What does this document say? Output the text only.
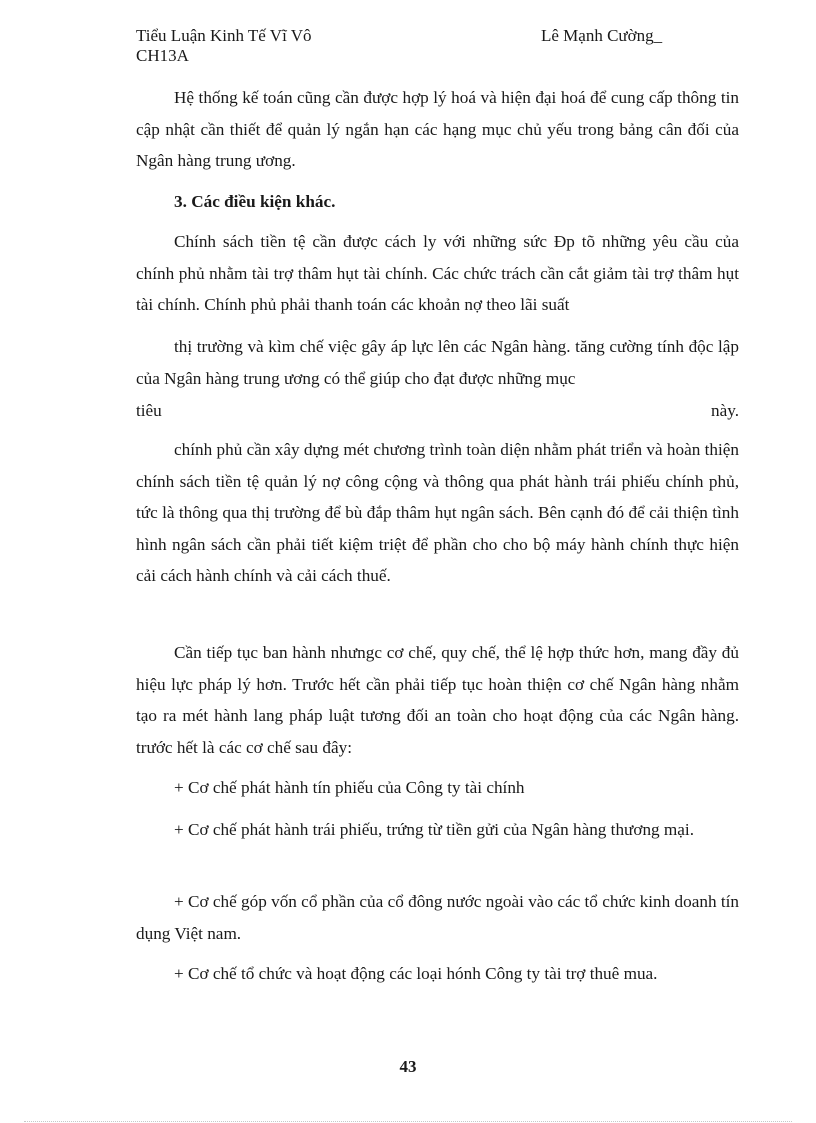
Tiểu Luận Kinh Tế Vĩ Vô
CH13A
Lê Mạnh Cường_

Hệ thống kế toán cũng cần được hợp lý hoá và hiện đại hoá để cung cấp thông tin cập nhật cần thiết để quản lý ngắn hạn các hạng mục chủ yếu trong bảng cân đối của Ngân hàng trung ương.

3. Các điều kiện khác.

Chính sách tiền tệ cần được cách ly với những sức Đp tõ những yêu cầu của chính phủ nhằm tài trợ thâm hụt tài chính. Các chức trách cần cắt giảm tài trợ thâm hụt tài chính. Chính phủ phải thanh toán các khoản nợ theo lãi suất

thị trường và kìm chế việc gây áp lực lên các Ngân hàng. tăng cường tính độc lập của Ngân hàng trung ương có thể giúp cho đạt được những mục

tiêu	này.

chính phủ cần xây dựng mét chương trình toàn diện nhằm phát triển và hoàn thiện chính sách tiền tệ quản lý nợ công cộng và thông qua phát hành trái phiếu chính phủ, tức là thông qua thị trường để bù đắp thâm hụt ngân sách. Bên cạnh đó để cải thiện tình hình ngân sách cần phải tiết kiệm triệt để phần cho cho bộ máy hành chính thực hiện cải cách hành chính và cải cách thuế.

Cần tiếp tục ban hành nhưngc cơ chế, quy chế, thể lệ hợp thức hơn, mang đầy đủ hiệu lực pháp lý hơn. Trước hết cần phải tiếp tục hoàn thiện cơ chế Ngân hàng nhằm tạo ra mét hành lang pháp luật tương đối an toàn cho hoạt động của các Ngân hàng. trước hết là các cơ chế sau đây:

+ Cơ chế phát hành tín phiếu của Công ty tài chính

+ Cơ chế phát hành trái phiếu, trứng từ tiền gửi của Ngân hàng thương mại.

+ Cơ chế góp vốn cổ phần của cổ đông nước ngoài vào các tổ chức kinh doanh tín dụng Việt nam.

+ Cơ chế tổ chức và hoạt động các loại hónh Công ty tài trợ thuê mua.

43
